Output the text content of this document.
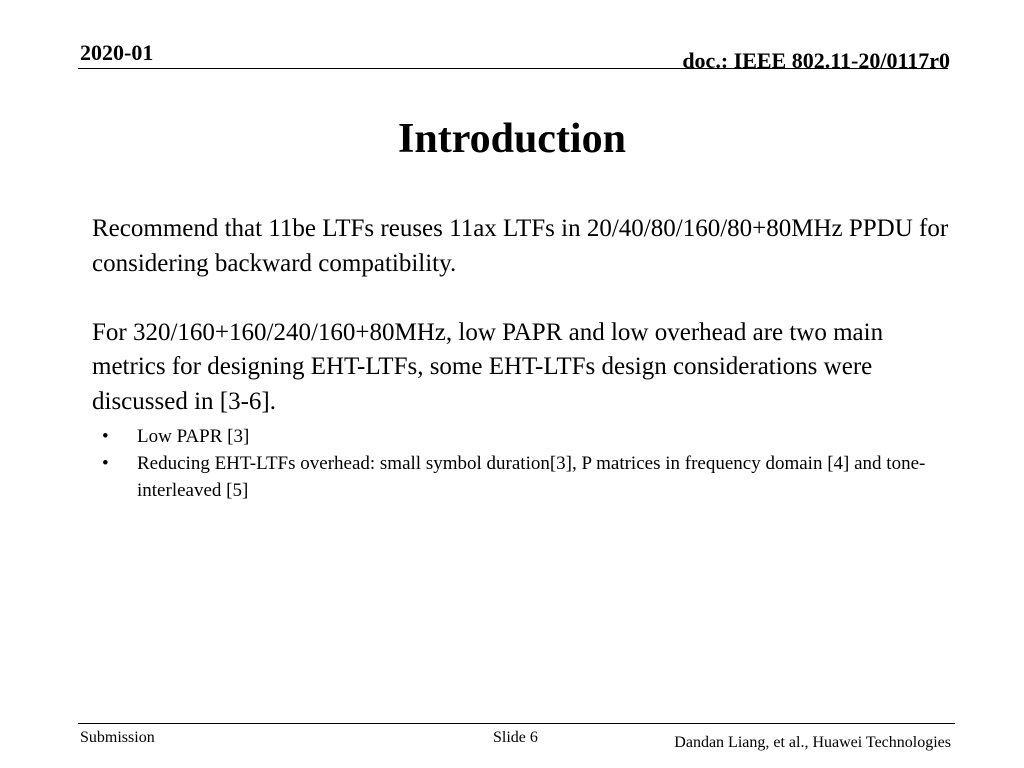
2020-01	doc.: IEEE 802.11-20/0117r0
Introduction

Recommend that 11be LTFs reuses 11ax LTFs in 20/40/80/160/80+80MHz PPDU for considering backward compatibility.

For 320/160+160/240/160+80MHz, low PAPR and low overhead are two main metrics for designing EHT-LTFs, some EHT-LTFs design considerations were discussed in [3-6].

• Low PAPR [3]
• Reducing EHT-LTFs overhead: small symbol duration[3], P matrices in frequency domain [4] and tone-interleaved [5]
Submission	Slide 6	Dandan Liang, et al., Huawei Technologies
